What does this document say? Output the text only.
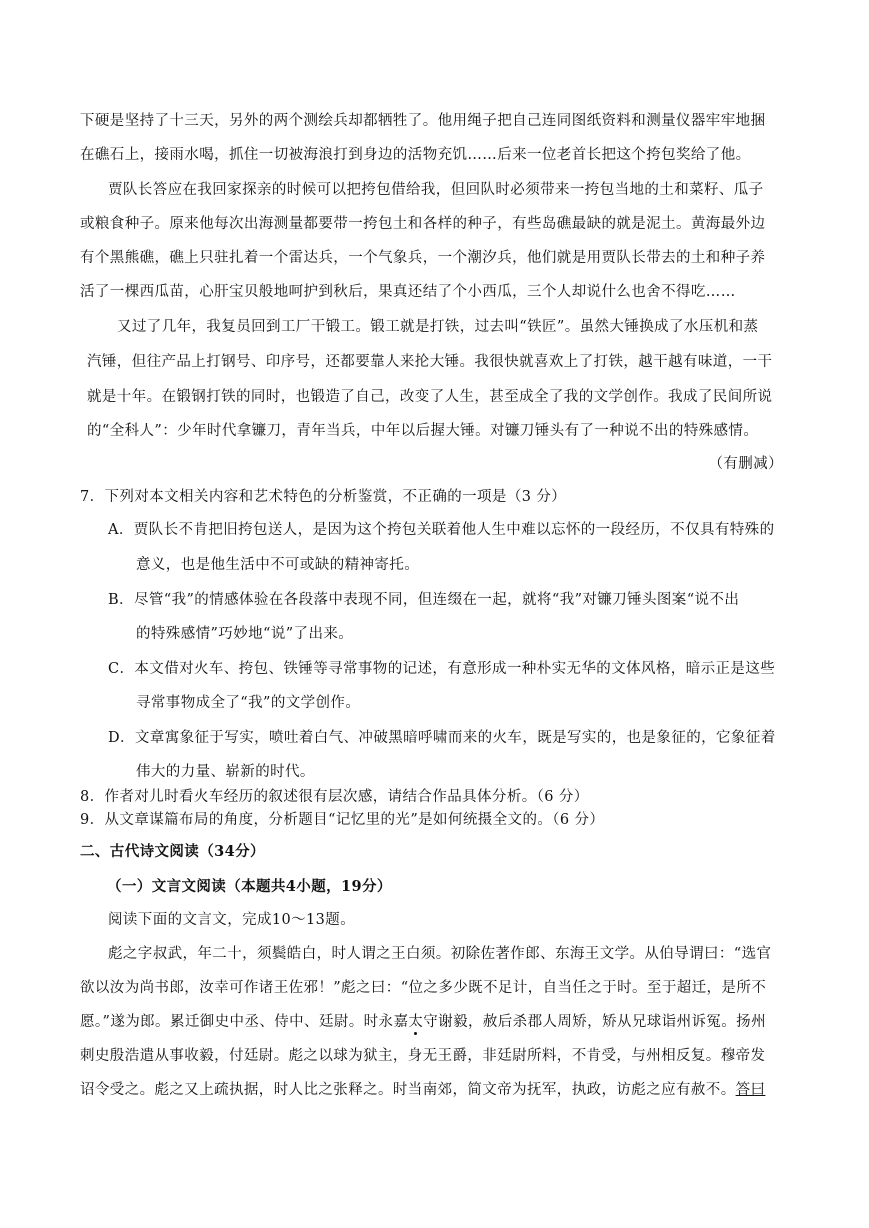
下硬是坚持了十三天，另外的两个测绘兵却都牺牲了。他用绳子把自己连同图纸资料和测量仪器牢牢地捆
在礁石上，接雨水喝，抓住一切被海浪打到身边的活物充饥……后来一位老首长把这个挎包奖给了他。
贾队长答应在我回家探亲的时候可以把挎包借给我，但回队时必须带来一挎包当地的土和菜籽、瓜子
或粮食种子。原来他每次出海测量都要带一挎包土和各样的种子，有些岛礁最缺的就是泥土。黄海最外边
有个黑熊礁，礁上只驻扎着一个雷达兵，一个气象兵，一个潮汐兵，他们就是用贾队长带去的土和种子养
活了一棵西瓜苗，心肝宝贝般地呵护到秋后，果真还结了个小西瓜，三个人却说什么也舍不得吃……
又过了几年，我复员回到工厂干锻工。锻工就是打铁，过去叫“铁匠”。虽然大锤换成了水压机和蒸
汽锤，但往产品上打钢号、印序号，还都要靠人来抡大锤。我很快就喜欢上了打铁，越干越有味道，一干
就是十年。在锻钢打铁的同时，也锻造了自己，改变了人生，甚至成全了我的文学创作。我成了民间所说
的“全科人”：少年时代拿镰刀，青年当兵，中年以后握大锤。对镰刀锤头有了一种说不出的特殊感情。
（有删减）
7．下列对本文相关内容和艺术特色的分析鉴赏，不正确的一项是（3 分）
A．贾队长不肯把旧挎包送人，是因为这个挎包关联着他人生中难以忘怀的一段经历，不仅具有特殊的
意义，也是他生活中不可或缺的精神寄托。
B．尽管“我”的情感体验在各段落中表现不同，但连缀在一起，就将“我”对镰刀锤头图案“说不出
的特殊感情”巧妙地“说”了出来。
C．本文借对火车、挎包、铁锤等寻常事物的记述，有意形成一种朴实无华的文体风格，暗示正是这些
寻常事物成全了“我”的文学创作。
D．文章寓象征于写实，喷吐着白气、冲破黑暗呼啸而来的火车，既是写实的，也是象征的，它象征着
伟大的力量、崭新的时代。
8．作者对儿时看火车经历的叙述很有层次感，请结合作品具体分析。（6 分）
9．从文章谋篇布局的角度，分析题目“记忆里的光”是如何统摄全文的。（6 分）
二、古代诗文阅读（34分）
（一）文言文阅读（本题共4小题，19分）
阅读下面的文言文，完成10～13题。
彪之字叔武，年二十，须鬓皓白，时人谓之王白须。初除佐著作郎、东海王文学。从伯导谓曰：“选官
欲以汝为尚书郎，汝幸可作诸王佐邪！”彪之曰：“位之多少既不足计，自当任之于时。至于超迁，是所不
愿。”遂为郎。累迁御史中丞、侍中、廷尉。时永嘉太守谢毅，赦后杀郡人周矫，矫从兄球诣州诉冤。扬州
刺史殷浩遣从事收毅，付廷尉。彪之以球为狱主，身无王爵，非廷尉所料，不肯受，与州相反复。穆帝发
诏令受之。彪之又上疏执据，时人比之张释之。时当南郊，简文帝为抚军，执政，访彪之应有赦不。答曰
